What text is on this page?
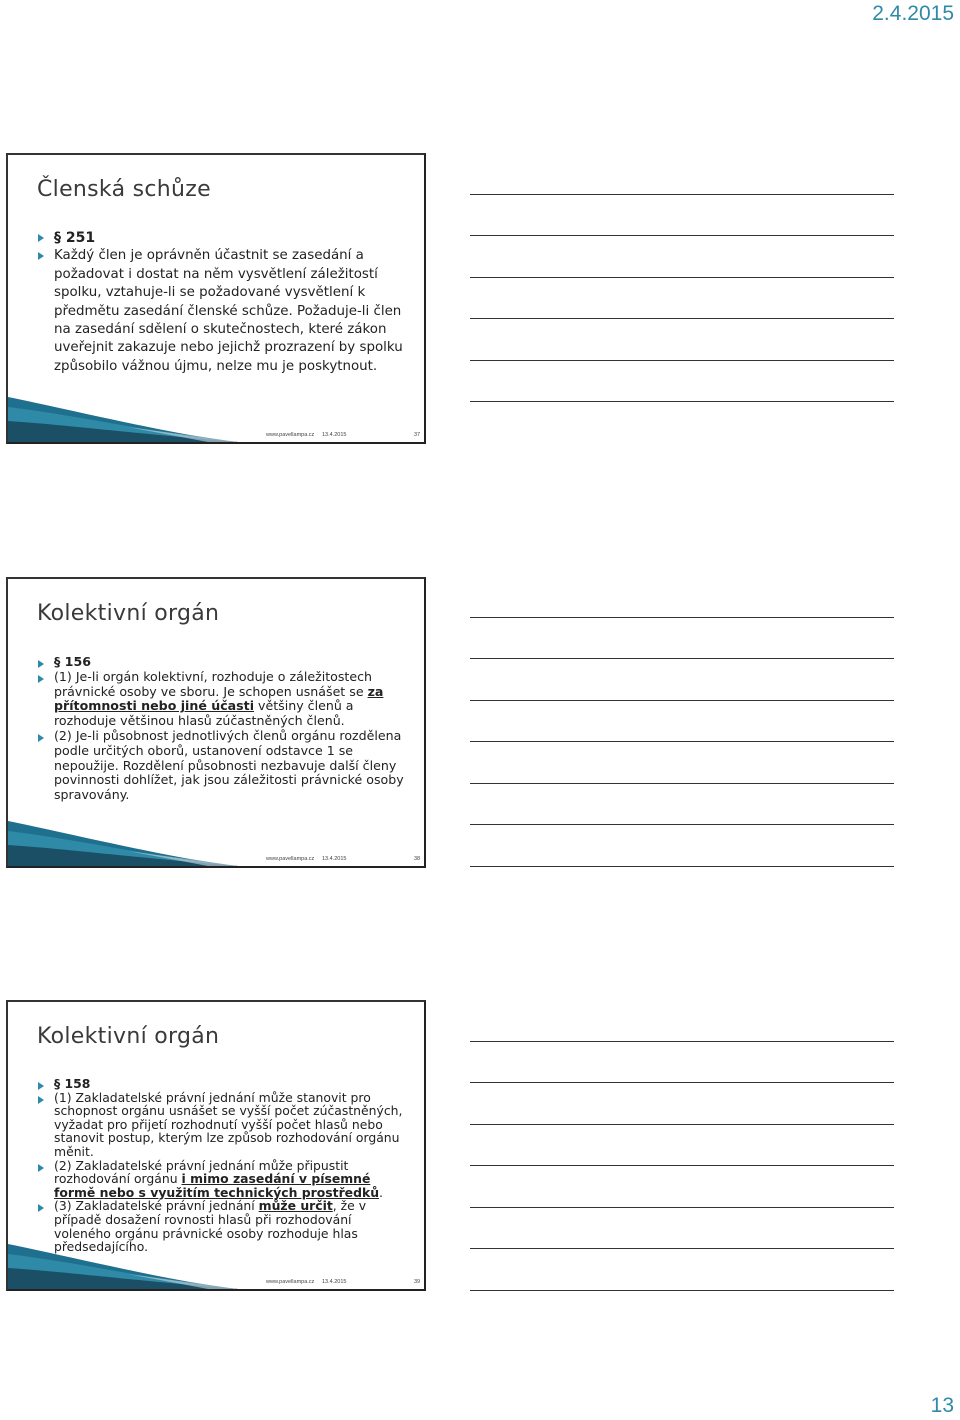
2.4.2015
Členská schůze
§ 251
Každý člen je oprávněn účastnit se zasedání a požadovat i dostat na něm vysvětlení záležitostí spolku, vztahuje-li se požadované vysvětlení k předmětu zasedání členské schůze. Požaduje-li člen na zasedání sdělení o skutečnostech, které zákon uveřejnit zakazuje nebo jejichž prozrazení by spolku způsobilo vážnou újmu, nelze mu je poskytnout.
www.pavellampa.cz 13.4.2015	37
Kolektivní orgán
§ 156
(1) Je-li orgán kolektivní, rozhoduje o záležitostech právnické osoby ve sboru. Je schopen usnášet se za přítomnosti nebo jiné účasti většiny členů a rozhoduje většinou hlasů zúčastněných členů.
(2) Je-li působnost jednotlivých členů orgánu rozdělena podle určitých oborů, ustanovení odstavce 1 se nepoužije. Rozdělení působnosti nezbavuje další členy povinnosti dohlížet, jak jsou záležitosti právnické osoby spravovány.
www.pavellampa.cz 13.4.2015	38
Kolektivní orgán
§ 158
(1) Zakladatelské právní jednání může stanovit pro schopnost orgánu usnášet se vyšší počet zúčastněných, vyžadat pro přijetí rozhodnutí vyšší počet hlasů nebo stanovit postup, kterým lze způsob rozhodování orgánu měnit.
(2) Zakladatelské právní jednání může připustit rozhodování orgánu i mimo zasedání v písemné formě nebo s využitím technických prostředků.
(3) Zakladatelské právní jednání může určit, že v případě dosažení rovnosti hlasů při rozhodování voleného orgánu právnické osoby rozhoduje hlas předsedajícího.
www.pavellampa.cz 13.4.2015	39
13
